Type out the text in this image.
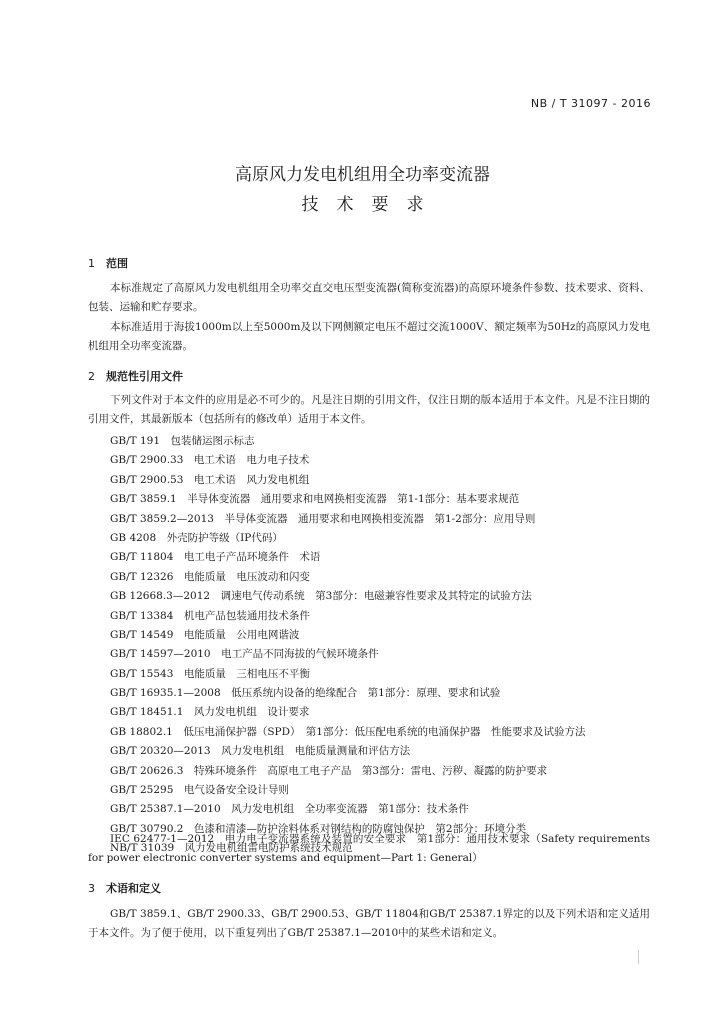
NB / T 31097 - 2016
高原风力发电机组用全功率变流器
技术要求
1 范围
本标准规定了高原风力发电机组用全功率交直交电压型变流器(简称变流器)的高原环境条件参数、技术要求、资料、包装、运输和贮存要求。
本标准适用于海拔1000m以上至5000m及以下网侧额定电压不超过交流1000V、额定频率为50Hz的高原风力发电机组用全功率变流器。
2 规范性引用文件
下列文件对于本文件的应用是必不可少的。凡是注日期的引用文件，仅注日期的版本适用于本文件。凡是不注日期的引用文件，其最新版本（包括所有的修改单）适用于本文件。
GB/T 191　包装储运图示标志
GB/T 2900.33　电工术语　电力电子技术
GB/T 2900.53　电工术语　风力发电机组
GB/T 3859.1　半导体变流器　通用要求和电网换相变流器　第1-1部分：基本要求规范
GB/T 3859.2—2013　半导体变流器　通用要求和电网换相变流器　第1-2部分：应用导则
GB 4208　外壳防护等级（IP代码）
GB/T 11804　电工电子产品环境条件　术语
GB/T 12326　电能质量　电压波动和闪变
GB 12668.3—2012　调速电气传动系统　第3部分：电磁兼容性要求及其特定的试验方法
GB/T 13384　机电产品包装通用技术条件
GB/T 14549　电能质量　公用电网谐波
GB/T 14597—2010　电工产品不同海拔的气候环境条件
GB/T 15543　电能质量　三相电压不平衡
GB/T 16935.1—2008　低压系统内设备的绝缘配合　第1部分：原理、要求和试验
GB/T 18451.1　风力发电机组　设计要求
GB 18802.1　低压电涌保护器（SPD）　第1部分：低压配电系统的电涌保护器　性能要求及试验方法
GB/T 20320—2013　风力发电机组　电能质量测量和评估方法
GB/T 20626.3　特殊环境条件　高原电工电子产品　第3部分：雷电、污秽、凝露的防护要求
GB/T 25295　电气设备安全设计导则
GB/T 25387.1—2010　风力发电机组　全功率变流器　第1部分：技术条件
GB/T 30790.2　色漆和清漆—防护涂料体系对钢结构的防腐蚀保护　第2部分：环境分类
NB/T 31039　风力发电机组雷电防护系统技术规范
IEC 62477-1—2012　电力电子变流器系统及装置的安全要求　第1部分：通用技术要求（Safety requirements for power electronic converter systems and equipment—Part 1: General）
3 术语和定义
GB/T 3859.1、GB/T 2900.33、GB/T 2900.53、GB/T 11804和GB/T 25387.1界定的以及下列术语和定义适用于本文件。为了便于使用，以下重复列出了GB/T 25387.1—2010中的某些术语和定义。
